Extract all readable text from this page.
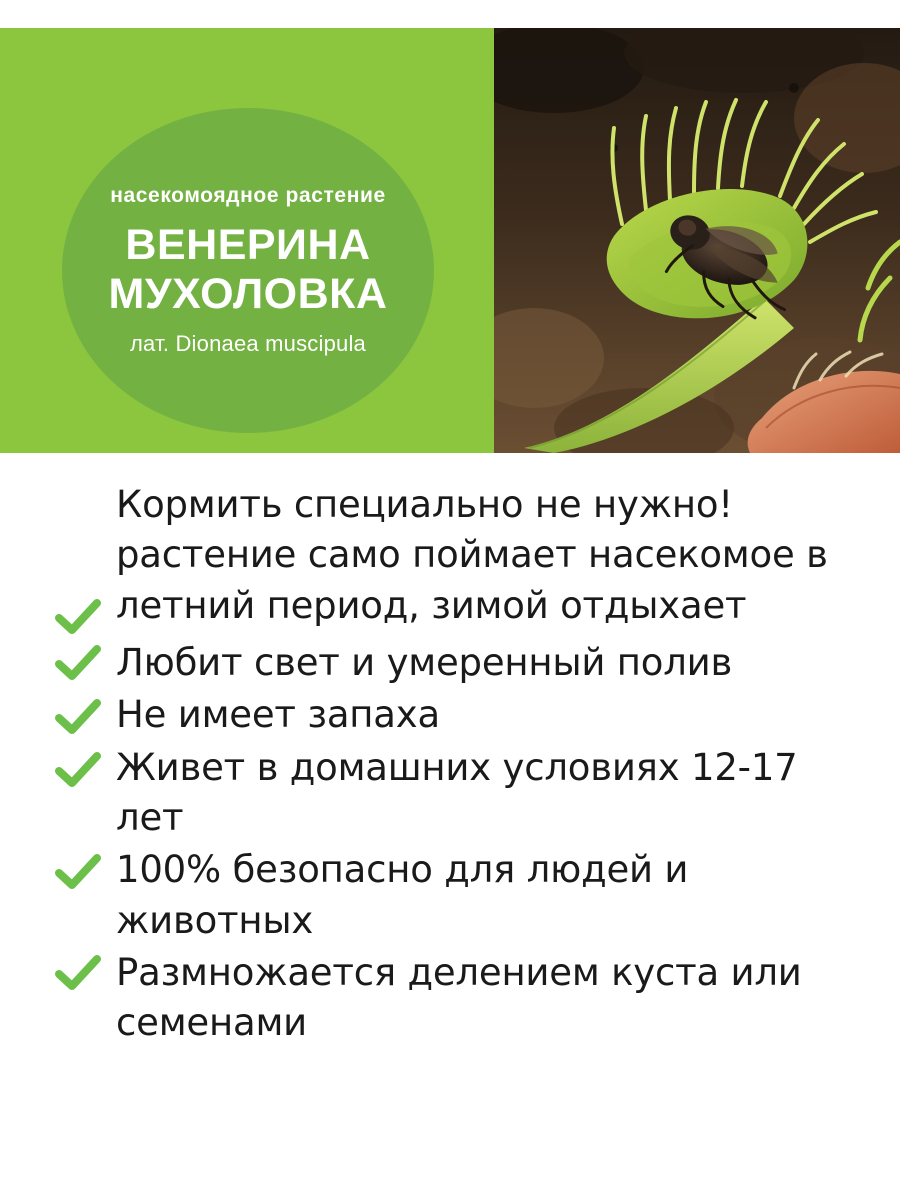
насекомоядное растение
ВЕНЕРИНА
МУХОЛОВКА
лат. Dionaea muscipula
Кормить специально не нужно! растение само поймает насекомое в летний период, зимой отдыхает
Любит свет и умеренный полив
Не имеет запаха
Живет в домашних условиях 12-17 лет
100% безопасно для людей и животных
Размножается делением куста или семенами
